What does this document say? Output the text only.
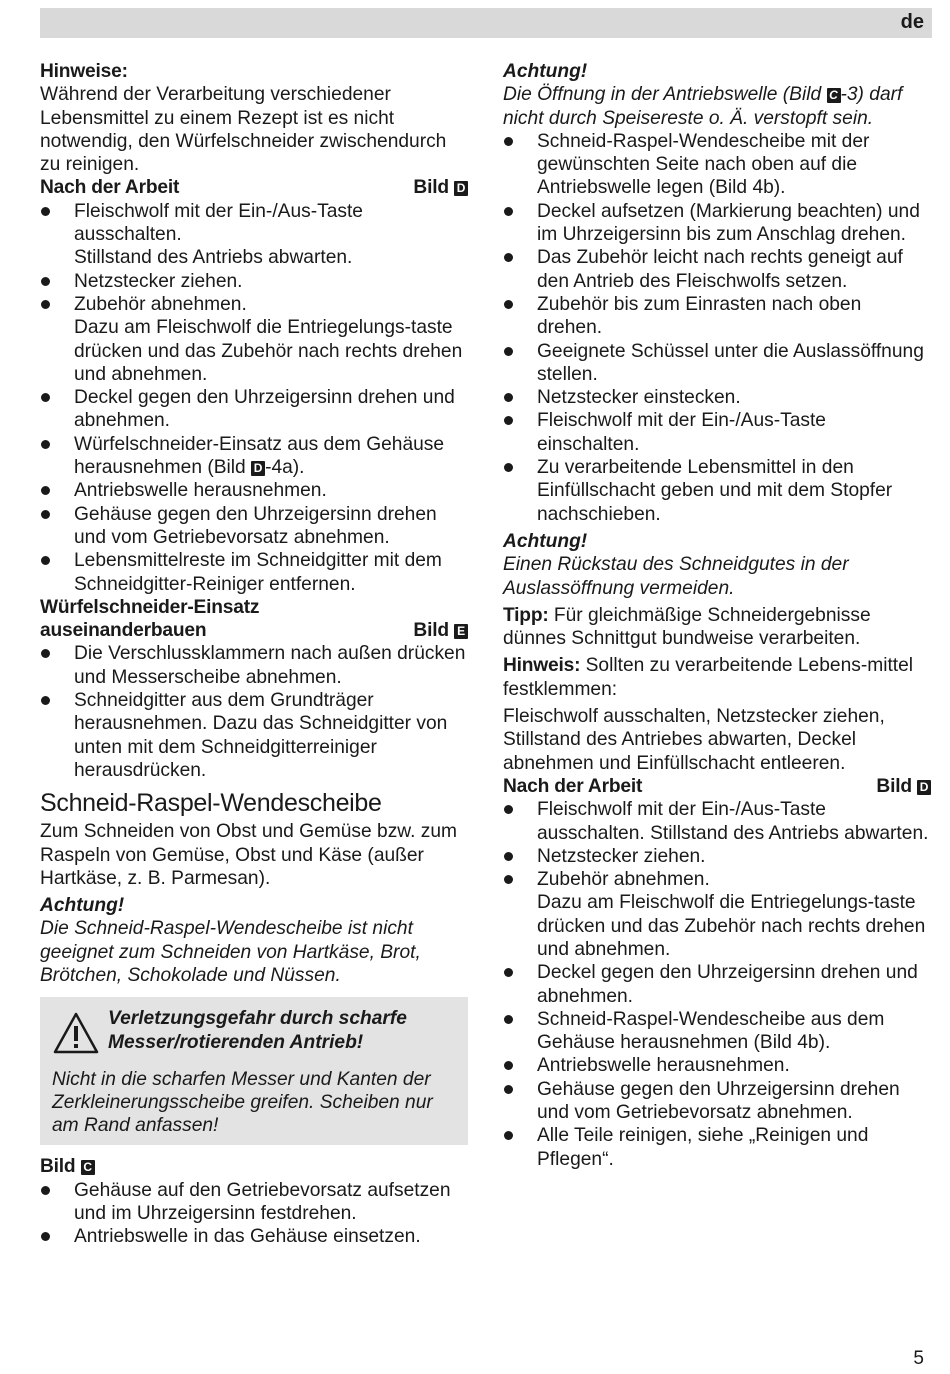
de
Hinweise:
Während der Verarbeitung verschiedener Lebensmittel zu einem Rezept ist es nicht notwendig, den Würfelschneider zwischendurch zu reinigen.
Nach der Arbeit	Bild D
Fleischwolf mit der Ein-/Aus-Taste ausschalten.
Stillstand des Antriebs abwarten.
Netzstecker ziehen.
Zubehör abnehmen.
Dazu am Fleischwolf die Entriegelungs-taste drücken und das Zubehör nach rechts drehen und abnehmen.
Deckel gegen den Uhrzeigersinn drehen und abnehmen.
Würfelschneider-Einsatz aus dem Gehäuse herausnehmen (Bild D -4a).
Antriebswelle herausnehmen.
Gehäuse gegen den Uhrzeigersinn drehen und vom Getriebevorsatz abnehmen.
Lebensmittelreste im Schneidgitter mit dem Schneidgitter-Reiniger entfernen.
Würfelschneider-Einsatz
auseinanderbauen	Bild E
Die Verschlussklammern nach außen drücken und Messerscheibe abnehmen.
Schneidgitter aus dem Grundträger herausnehmen. Dazu das Schneidgitter von unten mit dem Schneidgitterreiniger herausdrücken.
Schneid-Raspel-Wendescheibe
Zum Schneiden von Obst und Gemüse bzw. zum Raspeln von Gemüse, Obst und Käse (außer Hartkäse, z. B. Parmesan).
Achtung!
Die Schneid-Raspel-Wendescheibe ist nicht geeignet zum Schneiden von Hartkäse, Brot, Brötchen, Schokolade und Nüssen.
Verletzungsgefahr durch scharfe Messer/rotierenden Antrieb!
Nicht in die scharfen Messer und Kanten der Zerkleinerungsscheibe greifen. Scheiben nur am Rand anfassen!
Bild C
Gehäuse auf den Getriebevorsatz aufsetzen und im Uhrzeigersinn festdrehen.
Antriebswelle in das Gehäuse einsetzen.
Achtung!
Die Öffnung in der Antriebswelle (Bild C -3) darf nicht durch Speisereste o. Ä. verstopft sein.
Schneid-Raspel-Wendescheibe mit der gewünschten Seite nach oben auf die Antriebswelle legen (Bild 4b).
Deckel aufsetzen (Markierung beachten) und im Uhrzeigersinn bis zum Anschlag drehen.
Das Zubehör leicht nach rechts geneigt auf den Antrieb des Fleischwolfs setzen.
Zubehör bis zum Einrasten nach oben drehen.
Geeignete Schüssel unter die Auslassöffnung stellen.
Netzstecker einstecken.
Fleischwolf mit der Ein-/Aus-Taste einschalten.
Zu verarbeitende Lebensmittel in den Einfüllschacht geben und mit dem Stopfer nachschieben.
Achtung!
Einen Rückstau des Schneidgutes in der Auslassöffnung vermeiden.
Tipp: Für gleichmäßige Schneidergebnisse dünnes Schnittgut bundweise verarbeiten.
Hinweis: Sollten zu verarbeitende Lebens-mittel festklemmen:
Fleischwolf ausschalten, Netzstecker ziehen, Stillstand des Antriebes abwarten, Deckel abnehmen und Einfüllschacht entleeren.
Nach der Arbeit	Bild D
Fleischwolf mit der Ein-/Aus-Taste ausschalten. Stillstand des Antriebs abwarten.
Netzstecker ziehen.
Zubehör abnehmen.
Dazu am Fleischwolf die Entriegelungs-taste drücken und das Zubehör nach rechts drehen und abnehmen.
Deckel gegen den Uhrzeigersinn drehen und abnehmen.
Schneid-Raspel-Wendescheibe aus dem Gehäuse herausnehmen (Bild 4b).
Antriebswelle herausnehmen.
Gehäuse gegen den Uhrzeigersinn drehen und vom Getriebevorsatz abnehmen.
Alle Teile reinigen, siehe „Reinigen und Pflegen“.
5
